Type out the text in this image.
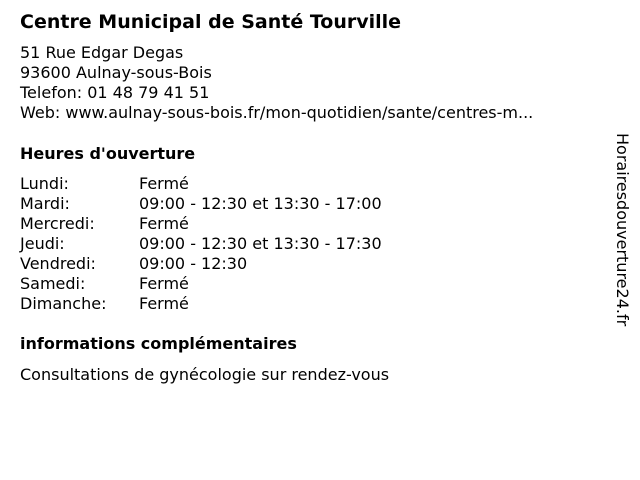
Centre Municipal de Santé Tourville
51 Rue Edgar Degas
93600 Aulnay-sous-Bois
Telefon: 01 48 79 41 51
Web: www.aulnay-sous-bois.fr/mon-quotidien/sante/centres-m...
Heures d'ouverture
Lundi:	Fermé
Mardi:	09:00 - 12:30 et 13:30 - 17:00
Mercredi:	Fermé
Jeudi:	09:00 - 12:30 et 13:30 - 17:30
Vendredi:	09:00 - 12:30
Samedi:	Fermé
Dimanche: Fermé
informations complémentaires
Consultations de gynécologie sur rendez-vous
Horairesdouverture24.fr
